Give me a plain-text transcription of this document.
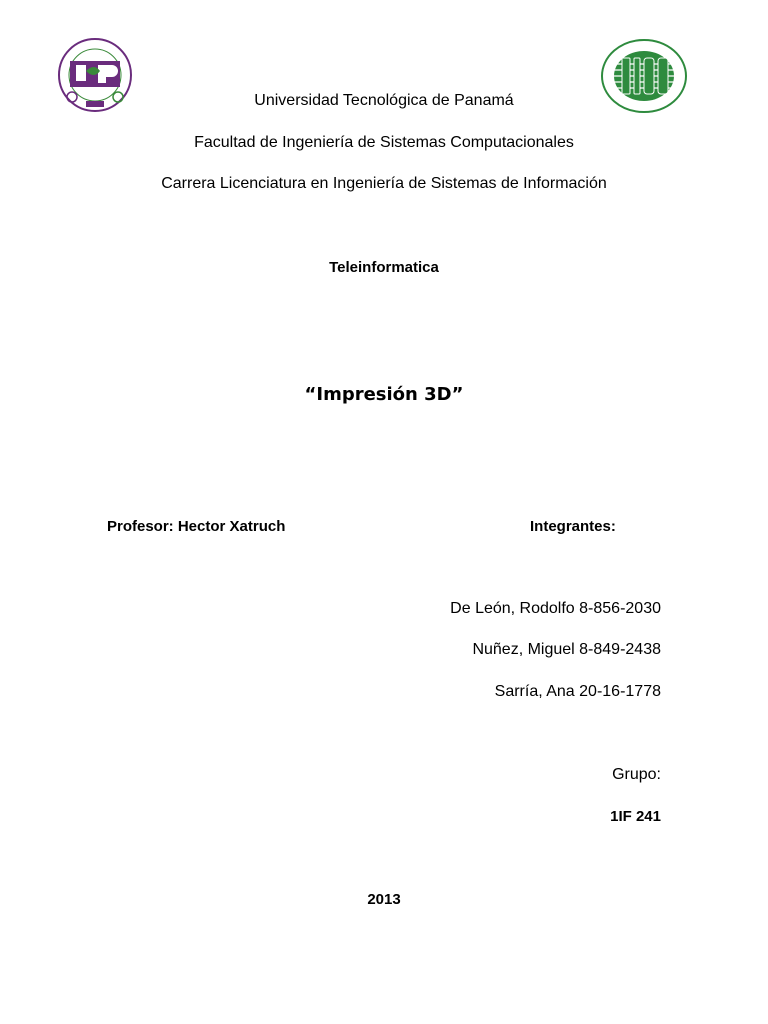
Universidad Tecnológica de Panamá
Facultad de Ingeniería de Sistemas Computacionales
Carrera Licenciatura en Ingeniería de Sistemas de Información
Teleinformatica
“Impresión 3D”
Profesor: Hector Xatruch	Integrantes:
De León, Rodolfo 8-856-2030
Nuñez, Miguel 8-849-2438
Sarría, Ana 20-16-1778
Grupo:
1IF 241
2013
